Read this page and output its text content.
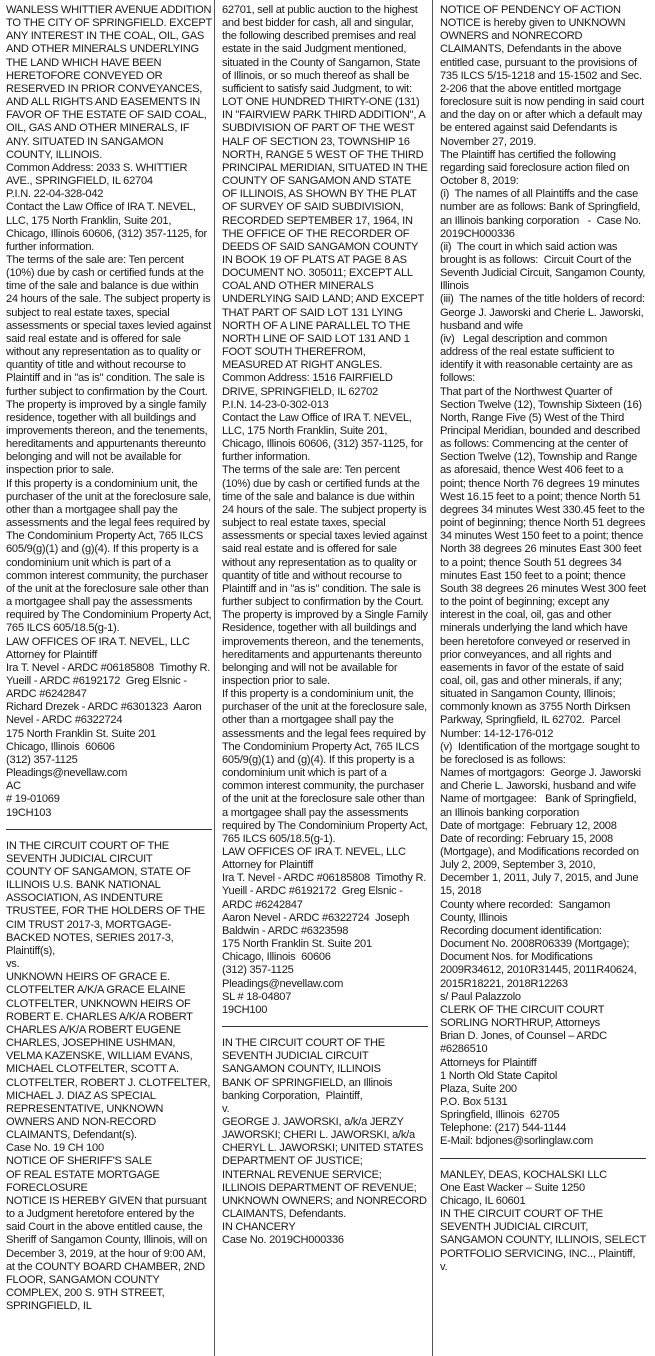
WANLESS WHITTIER AVENUE ADDITION TO THE CITY OF SPRINGFIELD. EXCEPT ANY INTEREST IN THE COAL, OIL, GAS AND OTHER MINERALS UNDERLYING THE LAND WHICH HAVE BEEN HERETOFORE CONVEYED OR RESERVED IN PRIOR CONVEYANCES, AND ALL RIGHTS AND EASEMENTS IN FAVOR OF THE ESTATE OF SAID COAL, OIL, GAS AND OTHER MINERALS, IF ANY. SITUATED IN SANGAMON COUNTY, ILLINOIS.
Common Address: 2033 S. WHITTIER AVE., SPRINGFIELD, IL 62704
P.I.N. 22-04-328-042
Contact the Law Office of IRA T. NEVEL, LLC, 175 North Franklin, Suite 201, Chicago, Illinois 60606, (312) 357-1125, for further information.
The terms of the sale are: Ten percent (10%) due by cash or certified funds at the time of the sale and balance is due within 24 hours of the sale. The subject property is subject to real estate taxes, special assessments or special taxes levied against said real estate and is offered for sale without any representation as to quality or quantity of title and without recourse to Plaintiff and in "as is" condition. The sale is further subject to confirmation by the Court. The property is improved by a single family residence, together with all buildings and improvements thereon, and the tenements, hereditaments and appurtenants thereunto belonging and will not be available for inspection prior to sale.
If this property is a condominium unit, the purchaser of the unit at the foreclosure sale, other than a mortgagee shall pay the assessments and the legal fees required by The Condominium Property Act, 765 ILCS 605/9(g)(1) and (g)(4). If this property is a condominium unit which is part of a common interest community, the purchaser of the unit at the foreclosure sale other than a mortgagee shall pay the assessments required by The Condominium Property Act, 765 ILCS 605/18.5(g-1).
LAW OFFICES OF IRA T. NEVEL, LLC
Attorney for Plaintiff
Ira T. Nevel - ARDC #06185808  Timothy R. Yueill - ARDC #6192172  Greg Elsnic - ARDC #6242847
Richard Drezek - ARDC #6301323  Aaron Nevel - ARDC #6322724
175 North Franklin St. Suite 201
Chicago, Illinois  60606
(312) 357-1125
Pleadings@nevellaw.com
AC
# 19-01069
19CH103

IN THE CIRCUIT COURT OF THE SEVENTH JUDICIAL CIRCUIT
COUNTY OF SANGAMON, STATE OF ILLINOIS U.S. BANK NATIONAL ASSOCIATION, AS INDENTURE TRUSTEE, FOR THE HOLDERS OF THE CIM TRUST 2017-3, MORTGAGE-BACKED NOTES, SERIES 2017-3, Plaintiff(s),
vs.
UNKNOWN HEIRS OF GRACE E. CLOTFELTER A/K/A GRACE ELAINE CLOTFELTER, UNKNOWN HEIRS OF ROBERT E. CHARLES A/K/A ROBERT CHARLES A/K/A ROBERT EUGENE CHARLES, JOSEPHINE USHMAN, VELMA KAZENSKE, WILLIAM EVANS, MICHAEL CLOTFELTER, SCOTT A. CLOTFELTER, ROBERT J. CLOTFELTER, MICHAEL J. DIAZ AS SPECIAL REPRESENTATIVE, UNKNOWN OWNERS AND NON-RECORD CLAIMANTS, Defendant(s).
Case No. 19 CH 100
NOTICE OF SHERIFF'S SALE
OF REAL ESTATE MORTGAGE FORECLOSURE
NOTICE IS HEREBY GIVEN that pursuant to a Judgment heretofore entered by the said Court in the above entitled cause, the Sheriff of Sangamon County, Illinois, will on December 3, 2019, at the hour of 9:00 AM, at the COUNTY BOARD CHAMBER, 2ND FLOOR, SANGAMON COUNTY COMPLEX, 200 S. 9TH STREET, SPRINGFIELD, IL

62701, sell at public auction to the highest and best bidder for cash, all and singular, the following described premises and real estate in the said Judgment mentioned, situated in the County of Sangamon, State of Illinois, or so much thereof as shall be sufficient to satisfy said Judgment, to wit:
LOT ONE HUNDRED THIRTY-ONE (131) IN "FAIRVIEW PARK THIRD ADDITION", A SUBDIVISION OF PART OF THE WEST HALF OF SECTION 23, TOWNSHIP 16 NORTH, RANGE 5 WEST OF THE THIRD PRINCIPAL MERIDIAN, SITUATED IN THE COUNTY OF SANGAMON AND STATE OF ILLINOIS, AS SHOWN BY THE PLAT OF SURVEY OF SAID SUBDIVISION, RECORDED SEPTEMBER 17, 1964, IN THE OFFICE OF THE RECORDER OF DEEDS OF SAID SANGAMON COUNTY IN BOOK 19 OF PLATS AT PAGE 8 AS DOCUMENT NO. 305011; EXCEPT ALL COAL AND OTHER MINERALS UNDERLYING SAID LAND; AND EXCEPT THAT PART OF SAID LOT 131 LYING NORTH OF A LINE PARALLEL TO THE NORTH LINE OF SAID LOT 131 AND 1 FOOT SOUTH THEREFROM, MEASURED AT RIGHT ANGLES.
Common Address: 1516 FAIRFIELD DRIVE, SPRINGFIELD, IL 62702
P.I.N. 14-23-0-302-013
Contact the Law Office of IRA T. NEVEL, LLC, 175 North Franklin, Suite 201, Chicago, Illinois 60606, (312) 357-1125, for further information.
The terms of the sale are: Ten percent (10%) due by cash or certified funds at the time of the sale and balance is due within 24 hours of the sale. The subject property is subject to real estate taxes, special assessments or special taxes levied against said real estate and is offered for sale without any representation as to quality or quantity of title and without recourse to Plaintiff and in "as is" condition. The sale is further subject to confirmation by the Court. The property is improved by a Single Family Residence, together with all buildings and improvements thereon, and the tenements, hereditaments and appurtenants thereunto belonging and will not be available for inspection prior to sale.
If this property is a condominium unit, the purchaser of the unit at the foreclosure sale, other than a mortgagee shall pay the assessments and the legal fees required by The Condominium Property Act, 765 ILCS 605/9(g)(1) and (g)(4). If this property is a condominium unit which is part of a common interest community, the purchaser of the unit at the foreclosure sale other than a mortgagee shall pay the assessments required by The Condominium Property Act, 765 ILCS 605/18.5(g-1).
LAW OFFICES OF IRA T. NEVEL, LLC
Attorney for Plaintiff
Ira T. Nevel - ARDC #06185808  Timothy R. Yueill - ARDC #6192172  Greg Elsnic - ARDC #6242847
Aaron Nevel - ARDC #6322724  Joseph Baldwin - ARDC #6323598
175 North Franklin St. Suite 201
Chicago, Illinois  60606
(312) 357-1125
Pleadings@nevellaw.com
SL # 18-04807
19CH100

IN THE CIRCUIT COURT OF THE SEVENTH JUDICIAL CIRCUIT
SANGAMON COUNTY, ILLINOIS
BANK OF SPRINGFIELD, an Illinois banking Corporation,  Plaintiff,
v.
GEORGE J. JAWORSKI, a/k/a JERZY JAWORSKI; CHERI L. JAWORSKI, a/k/a CHERYL L. JAWORSKI; UNITED STATES DEPARTMENT OF JUSTICE;
INTERNAL REVENUE SERVICE; ILLINOIS DEPARTMENT OF REVENUE; UNKNOWN OWNERS; and NONRECORD CLAIMANTS, Defendants.
IN CHANCERY
Case No. 2019CH000336

NOTICE OF PENDENCY OF ACTION
NOTICE is hereby given to UNKNOWN OWNERS and NONRECORD CLAIMANTS, Defendants in the above entitled case, pursuant to the provisions of 735 ILCS 5/15-1218 and 15-1502 and Sec. 2-206 that the above entitled mortgage foreclosure suit is now pending in said court and the day on or after which a default may be entered against said Defendants is November 27, 2019.
The Plaintiff has certified the following regarding said foreclosure action filed on October 8, 2019:
(i)  The names of all Plaintiffs and the case number are as follows: Bank of Springfield, an Illinois banking corporation   -  Case No. 2019CH000336
(ii)  The court in which said action was brought is as follows:  Circuit Court of the Seventh Judicial Circuit, Sangamon County, Illinois
(iii)  The names of the title holders of record: George J. Jaworski and Cherie L. Jaworski, husband and wife
(iv)   Legal description and common address of the real estate sufficient to identify it with reasonable certainty are as follows:
That part of the Northwest Quarter of Section Twelve (12), Township Sixteen (16) North, Range Five (5) West of the Third Principal Meridian, bounded and described as follows: Commencing at the center of Section Twelve (12), Township and Range as aforesaid, thence West 406 feet to a point; thence North 76 degrees 19 minutes West 16.15 feet to a point; thence North 51 degrees 34 minutes West 330.45 feet to the point of beginning; thence North 51 degrees 34 minutes West 150 feet to a point; thence North 38 degrees 26 minutes East 300 feet to a point; thence South 51 degrees 34 minutes East 150 feet to a point; thence South 38 degrees 26 minutes West 300 feet to the point of beginning; except any interest in the coal, oil, gas and other minerals underlying the land which have been heretofore conveyed or reserved in prior conveyances, and all rights and easements in favor of the estate of said coal, oil, gas and other minerals, if any; situated in Sangamon County, Illinois; commonly known as 3755 North Dirksen Parkway, Springfield, IL 62702.  Parcel Number: 14-12-176-012
(v)  Identification of the mortgage sought to be foreclosed is as follows:
Names of mortgagors:  George J. Jaworski and Cherie L. Jaworski, husband and wife
Name of mortgagee:   Bank of Springfield, an Illinois banking corporation
Date of mortgage:  February 12, 2008
Date of recording: February 15, 2008 (Mortgage), and Modifications recorded on July 2, 2009, September 3, 2010, December 1, 2011, July 7, 2015, and June 15, 2018
County where recorded:  Sangamon County, Illinois
Recording document identification:  Document No. 2008R06339 (Mortgage); Document Nos. for Modifications 2009R34612, 2010R31445, 2011R40624, 2015R18221, 2018R12263
s/ Paul Palazzolo
CLERK OF THE CIRCUIT COURT
SORLING NORTHRUP, Attorneys
Brian D. Jones, of Counsel – ARDC #6286510
Attorneys for Plaintiff
1 North Old State Capitol
Plaza, Suite 200
P.O. Box 5131
Springfield, Illinois  62705
Telephone: (217) 544-1144
E-Mail: bdjones@sorlinglaw.com

MANLEY, DEAS, KOCHALSKI LLC
One East Wacker – Suite 1250
Chicago, IL 60601
IN THE CIRCUIT COURT OF THE SEVENTH JUDICIAL CIRCUIT, SANGAMON COUNTY, ILLINOIS, SELECT PORTFOLIO SERVICING, INC.., Plaintiff,
v.
